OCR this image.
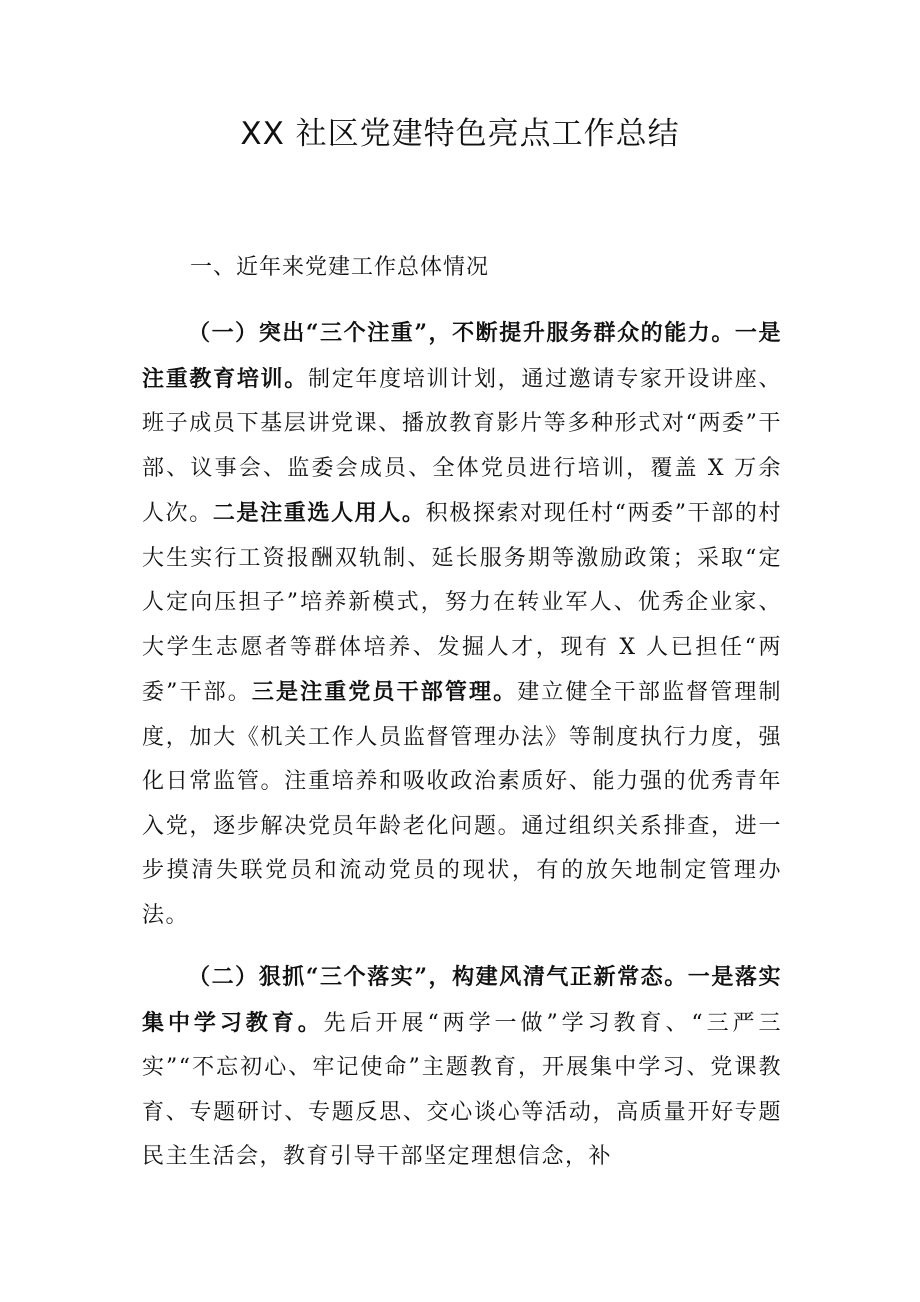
XX 社区党建特色亮点工作总结
一、近年来党建工作总体情况

（一）突出“三个注重”，不断提升服务群众的能力。一是注重教育培训。制定年度培训计划，通过邀请专家开设讲座、班子成员下基层讲党课、播放教育影片等多种形式对“两委”干部、议事会、监委会成员、全体党员进行培训，覆盖 X 万余人次。二是注重选人用人。积极探索对现任村“两委”干部的村大生实行工资报酬双轨制、延长服务期等激励政策；采取“定人定向压担子”培养新模式，努力在转业军人、优秀企业家、大学生志愿者等群体培养、发掘人才，现有 X 人已担任“两委”干部。三是注重党员干部管理。建立健全干部监督管理制度，加大《机关工作人员监督管理办法》等制度执行力度，强化日常监管。注重培养和吸收政治素质好、能力强的优秀青年入党，逐步解决党员年龄老化问题。通过组织关系排查，进一步摸清失联党员和流动党员的现状，有的放矢地制定管理办法。

（二）狠抓“三个落实”，构建风清气正新常态。一是落实集中学习教育。先后开展“两学一做”学习教育、“三严三实”“不忘初心、牢记使命”主题教育，开展集中学习、党课教育、专题研讨、专题反思、交心谈心等活动，高质量开好专题民主生活会，教育引导干部坚定理想信念，补
